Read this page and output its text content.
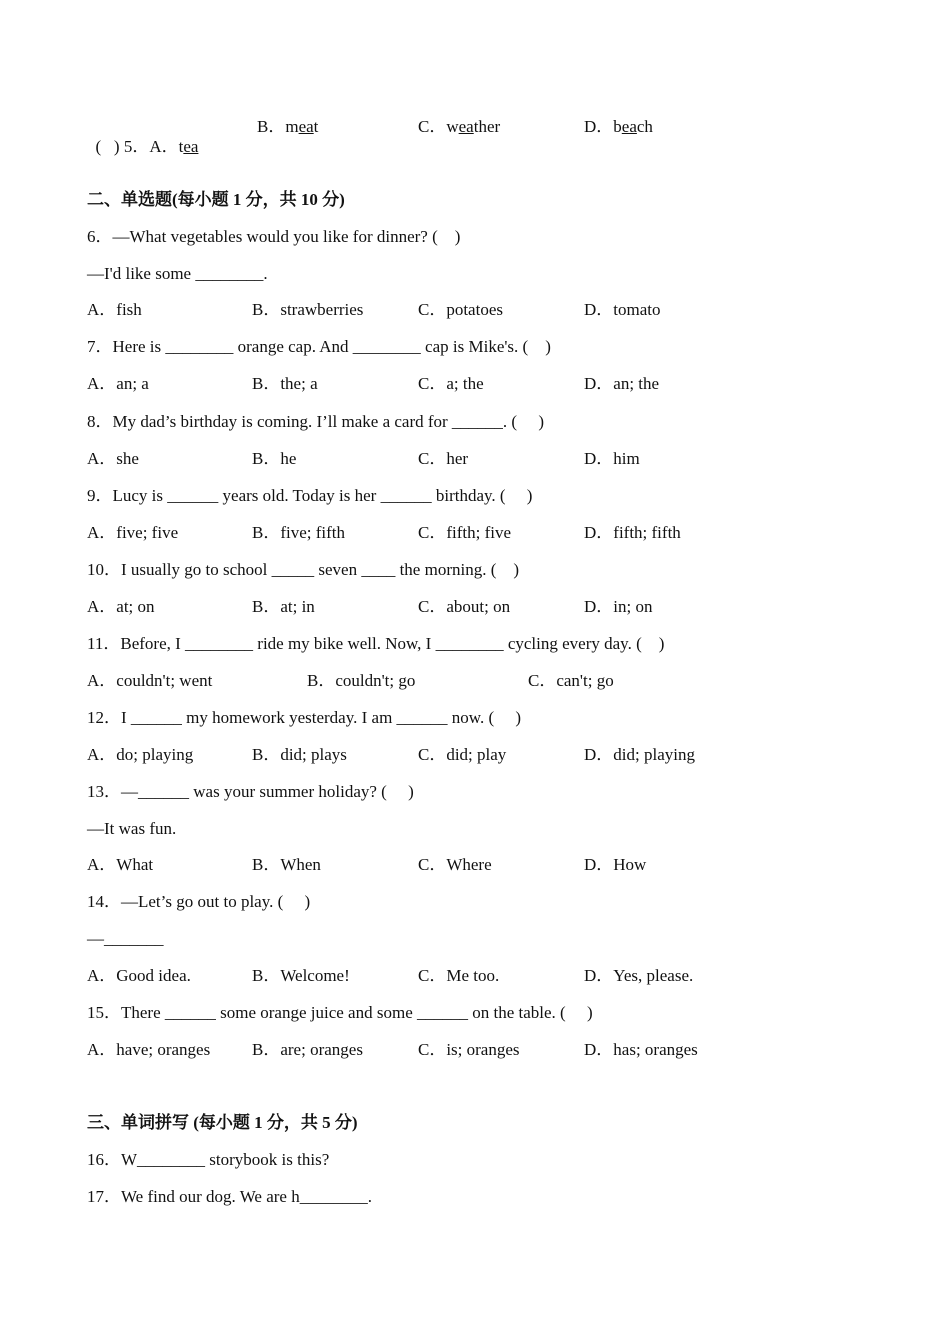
(   ) 5．A．tea

B．meat	C．weather	D．beach
二、单选题(每小题 1 分，共 10 分)
6．—What vegetables would you like for dinner? (    )
—I'd like some ________.
A．fish	B．strawberries	C．potatoes	D．tomato
7．Here is ________ orange cap. And ________ cap is Mike's. (    )
A．an; a	B．the; a	C．a; the	D．an; the
8．My dad’s birthday is coming. I’ll make a card for ______. (     )
A．she	B．he	C．her	D．him
9．Lucy is ______ years old. Today is her ______ birthday. (     )
A．five; five	B．five; fifth	C．fifth; five	D．fifth; fifth
10．I usually go to school _____ seven ____ the morning. (    )
A．at; on	B．at; in	C．about; on	D．in; on
11．Before, I ________ ride my bike well. Now, I ________ cycling every day. (    )
A．couldn't; went	B．couldn't; go	C．can't; go
12．I ______ my homework yesterday. I am ______ now. (     )
A．do; playing	B．did; plays	C．did; play	D．did; playing
13．—______ was your summer holiday? (     )
—It was fun.
A．What	B．When	C．Where	D．How
14．—Let’s go out to play. (     )
—_______
A．Good idea.	B．Welcome!	C．Me too.	D．Yes, please.
15．There ______ some orange juice and some ______ on the table. (     )
A．have; oranges B．are; oranges	C．is; oranges	D．has; oranges
三、单词拼写 (每小题 1 分，共 5 分)
16．W________ storybook is this?
17．We find our dog. We are h________.
